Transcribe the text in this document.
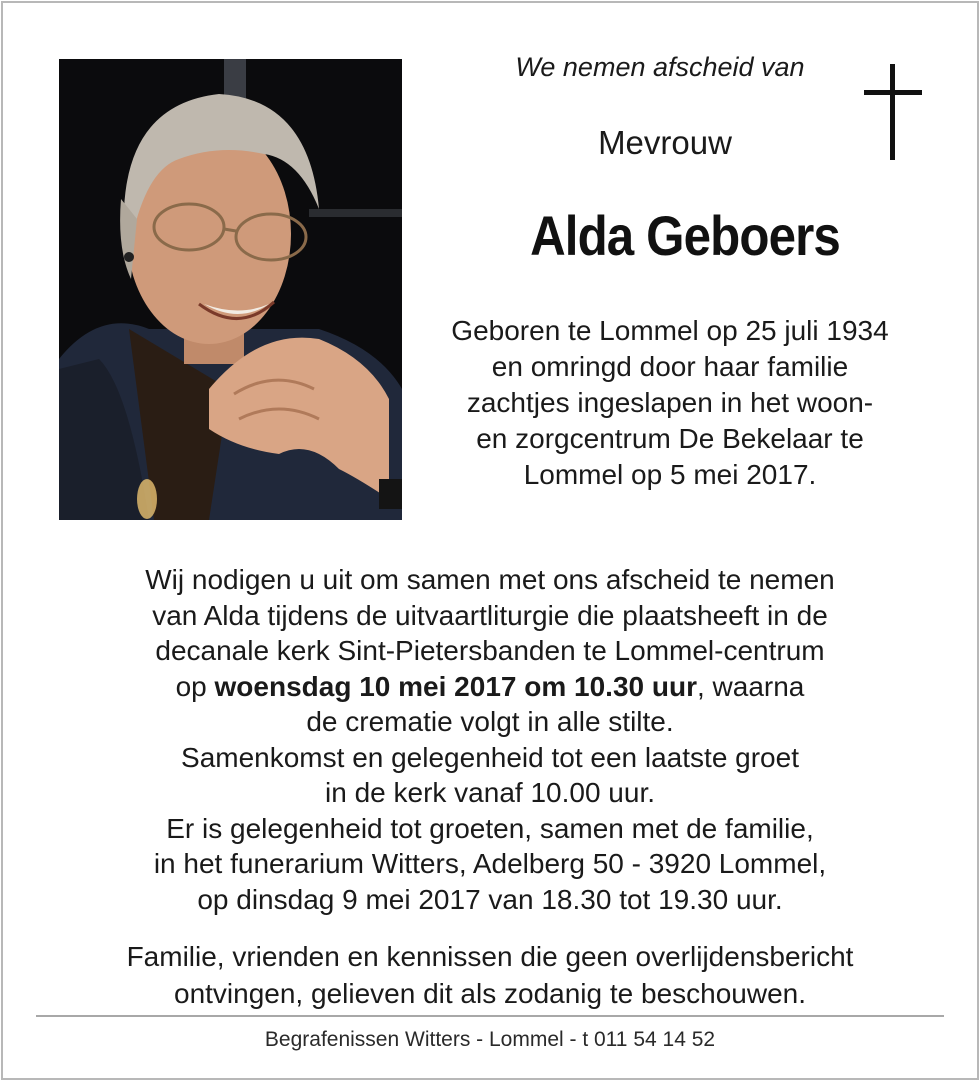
We nemen afscheid van
Mevrouw
Alda Geboers
Geboren te Lommel op 25 juli 1934
en omringd door haar familie
zachtjes ingeslapen in het woon-
en zorgcentrum De Bekelaar te
Lommel op 5 mei 2017.
Wij nodigen u uit om samen met ons afscheid te nemen
van Alda tijdens de uitvaartliturgie die plaatsheeft in de
decanale kerk Sint-Pietersbanden te Lommel-centrum
op woensdag 10 mei 2017 om 10.30 uur, waarna
de crematie volgt in alle stilte.
Samenkomst en gelegenheid tot een laatste groet
in de kerk vanaf 10.00 uur.
Er is gelegenheid tot groeten, samen met de familie,
in het funerarium Witters, Adelberg 50 - 3920 Lommel,
op dinsdag 9 mei 2017 van 18.30 tot 19.30 uur.
Familie, vrienden en kennissen die geen overlijdensbericht
ontvingen, gelieven dit als zodanig te beschouwen.
Begrafenissen Witters - Lommel - t 011 54 14 52
